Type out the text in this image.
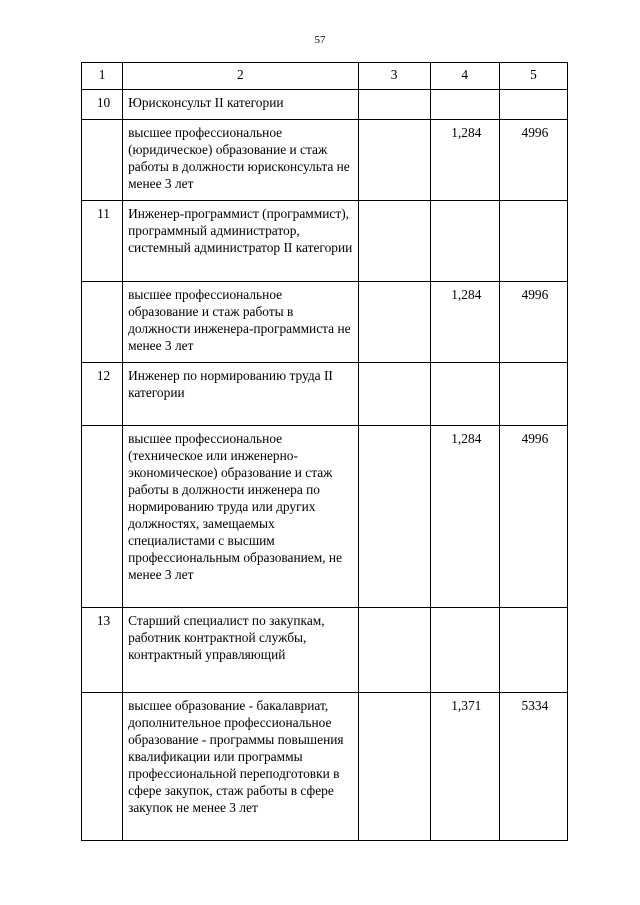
57
1	2	3	4	5
10	Юрисконсульт II категории			
	высшее профессиональное (юридическое) образование и стаж работы в должности юрисконсульта не менее 3 лет		1,284	4996
11	Инженер-программист (программист), программный администратор, системный администратор II категории			
	высшее профессиональное образование и стаж работы в должности инженера-программиста не менее 3 лет		1,284	4996
12	Инженер по нормированию труда II категории			
	высшее профессиональное (техническое или инженерно-экономическое) образование и стаж работы в должности инженера по нормированию труда или других должностях, замещаемых специалистами с высшим профессиональным образованием, не менее 3 лет		1,284	4996
13	Старший специалист по закупкам, работник контрактной службы, контрактный управляющий			
	высшее образование - бакалавриат, дополнительное профессиональное образование - программы повышения квалификации или программы профессиональной переподготовки в сфере закупок, стаж работы в сфере закупок не менее 3 лет		1,371	5334
